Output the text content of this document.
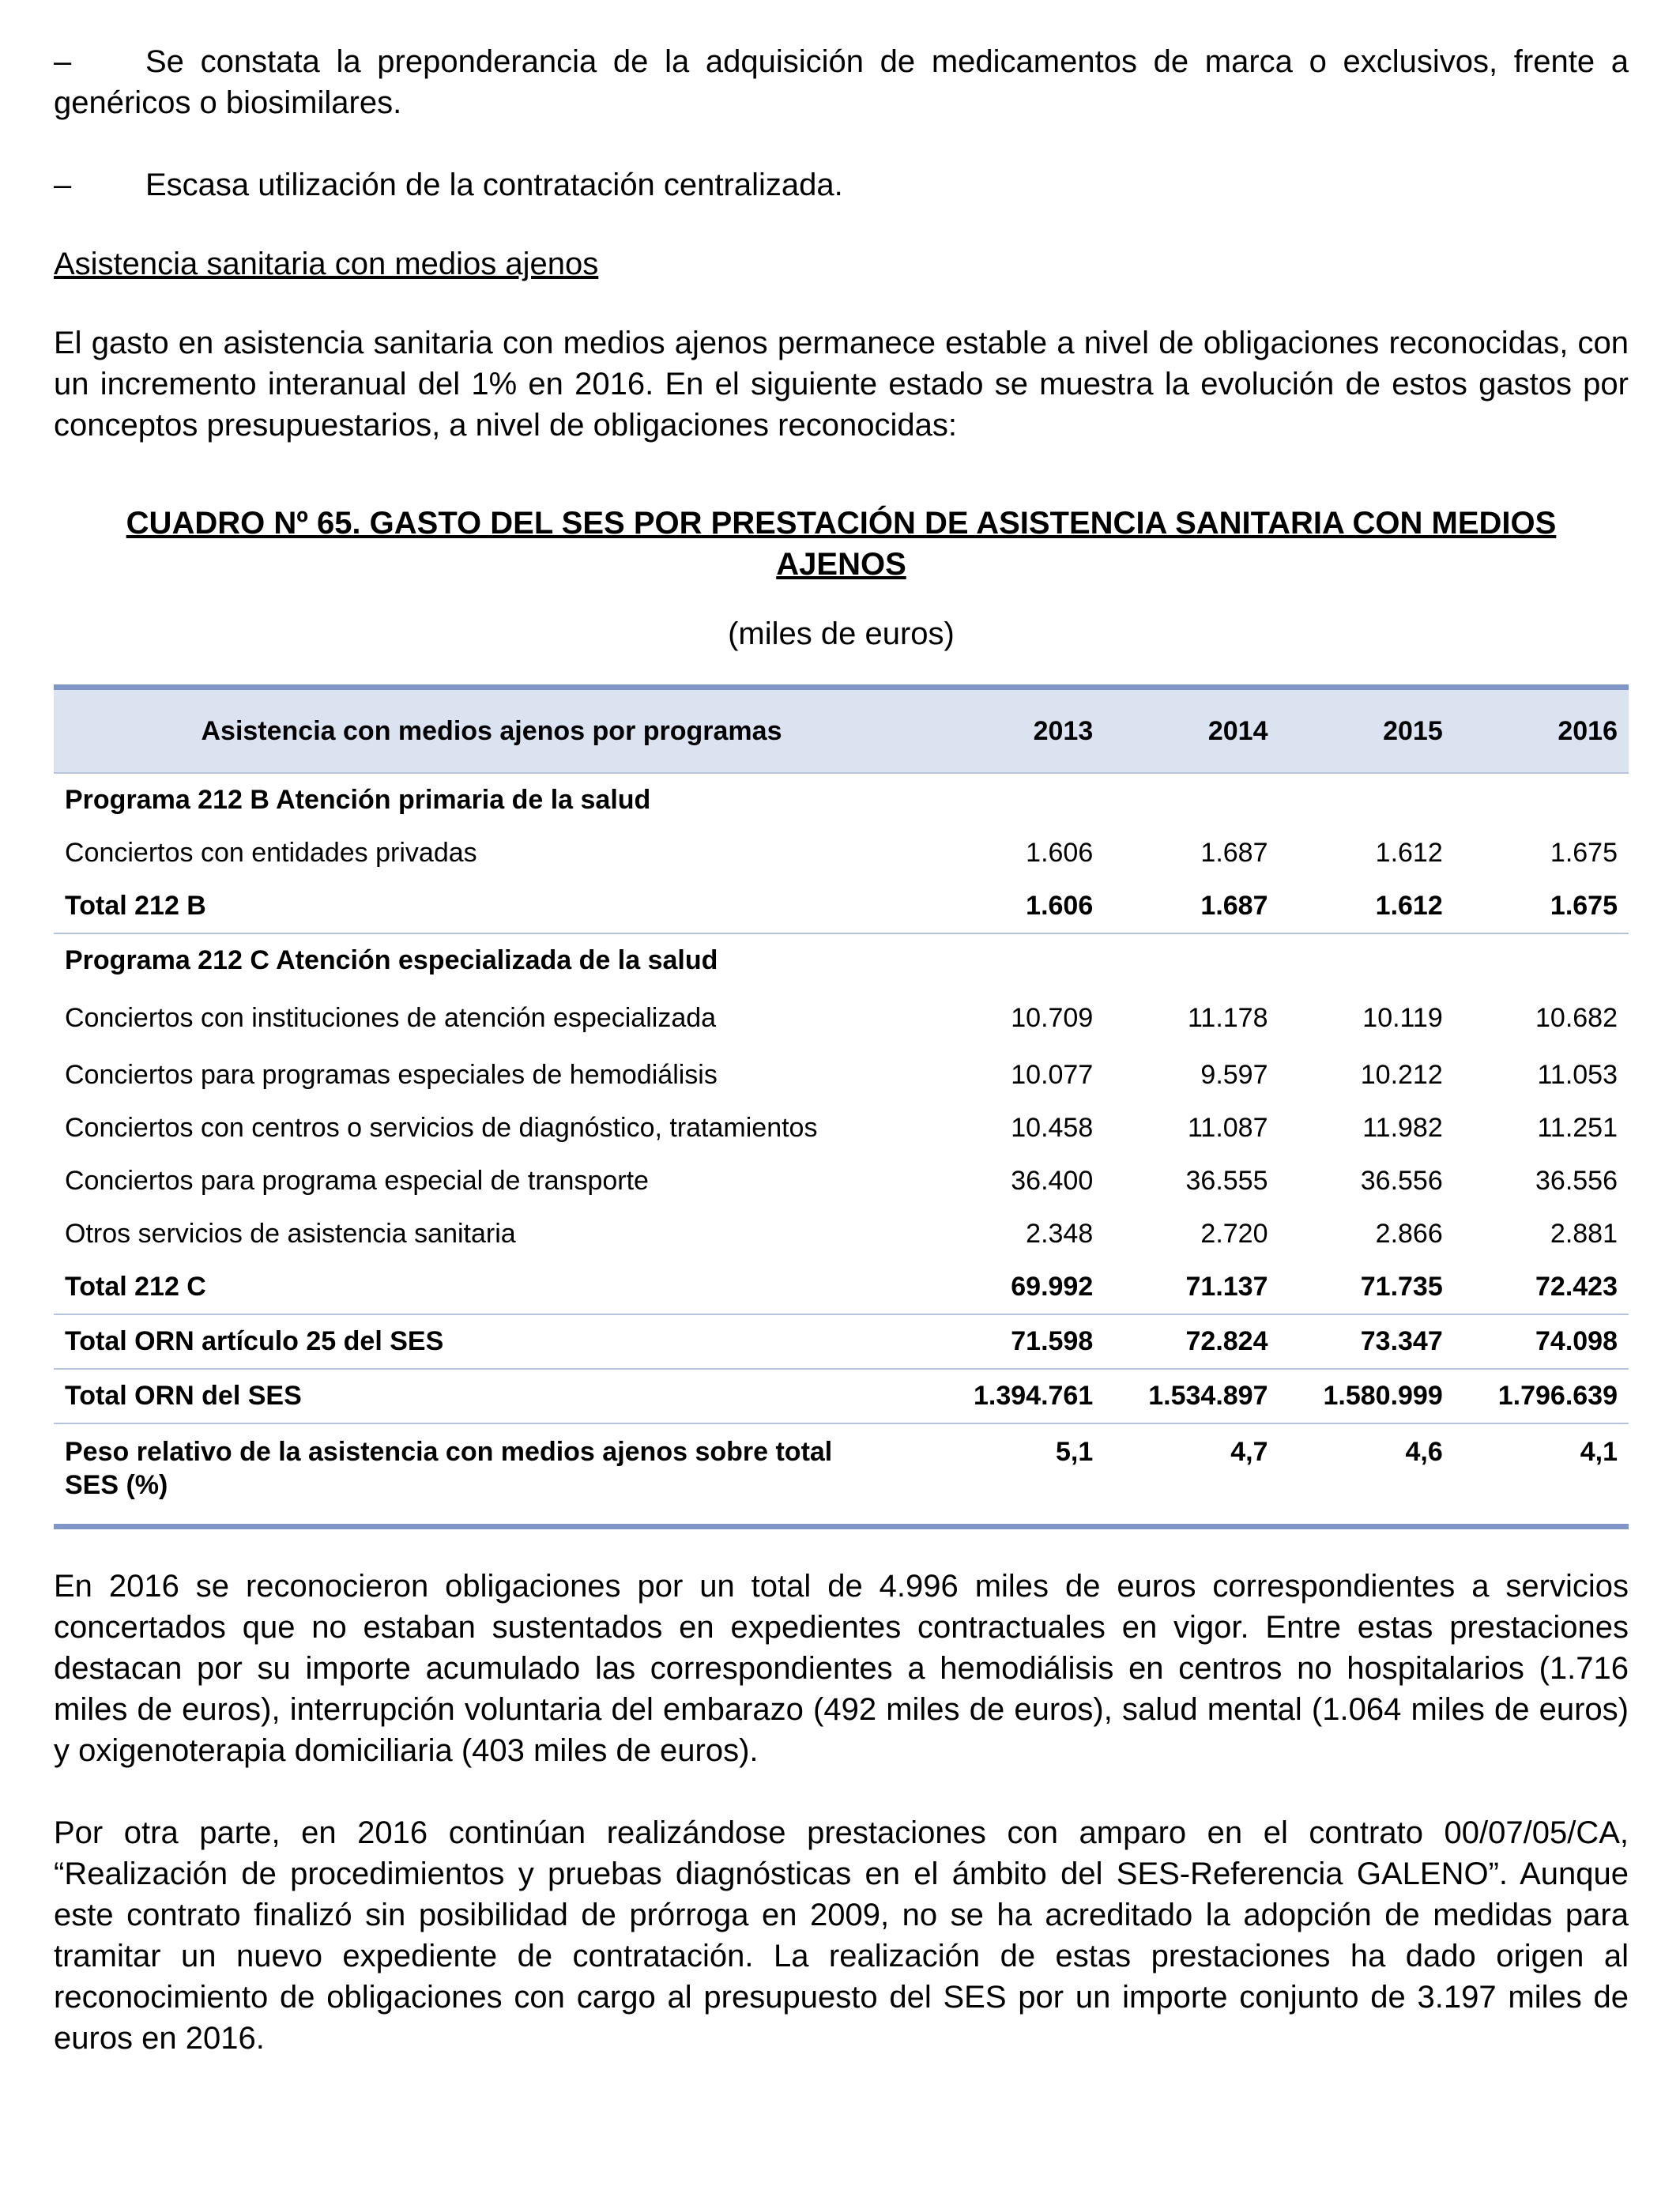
– Se constata la preponderancia de la adquisición de medicamentos de marca o exclusivos, frente a genéricos o biosimilares.

– Escasa utilización de la contratación centralizada.

Asistencia sanitaria con medios ajenos

El gasto en asistencia sanitaria con medios ajenos permanece estable a nivel de obligaciones reconocidas, con un incremento interanual del 1% en 2016. En el siguiente estado se muestra la evolución de estos gastos por conceptos presupuestarios, a nivel de obligaciones reconocidas:

CUADRO Nº 65. GASTO DEL SES POR PRESTACIÓN DE ASISTENCIA SANITARIA CON MEDIOS AJENOS
(miles de euros)
Asistencia con medios ajenos por programas	2013	2014	2015	2016
Programa 212 B Atención primaria de la salud				
Conciertos con entidades privadas	1.606	1.687	1.612	1.675
Total 212 B	1.606	1.687	1.612	1.675
Programa 212 C Atención especializada de la salud				
Conciertos con instituciones de atención especializada	10.709	11.178	10.119	10.682
Conciertos para programas especiales de hemodiálisis	10.077	9.597	10.212	11.053
Conciertos con centros o servicios de diagnóstico, tratamientos	10.458	11.087	11.982	11.251
Conciertos para programa especial de transporte	36.400	36.555	36.556	36.556
Otros servicios de asistencia sanitaria	2.348	2.720	2.866	2.881
Total 212 C	69.992	71.137	71.735	72.423
Total ORN artículo 25 del SES	71.598	72.824	73.347	74.098
Total ORN del SES	1.394.761	1.534.897	1.580.999	1.796.639
Peso relativo de la asistencia con medios ajenos sobre total SES (%)	5,1	4,7	4,6	4,1

En 2016 se reconocieron obligaciones por un total de 4.996 miles de euros correspondientes a servicios concertados que no estaban sustentados en expedientes contractuales en vigor. Entre estas prestaciones destacan por su importe acumulado las correspondientes a hemodiálisis en centros no hospitalarios (1.716 miles de euros), interrupción voluntaria del embarazo (492 miles de euros), salud mental (1.064 miles de euros) y oxigenoterapia domiciliaria (403 miles de euros).

Por otra parte, en 2016 continúan realizándose prestaciones con amparo en el contrato 00/07/05/CA, “Realización de procedimientos y pruebas diagnósticas en el ámbito del SES-Referencia GALENO”. Aunque este contrato finalizó sin posibilidad de prórroga en 2009, no se ha acreditado la adopción de medidas para tramitar un nuevo expediente de contratación. La realización de estas prestaciones ha dado origen al reconocimiento de obligaciones con cargo al presupuesto del SES por un importe conjunto de 3.197 miles de euros en 2016.
